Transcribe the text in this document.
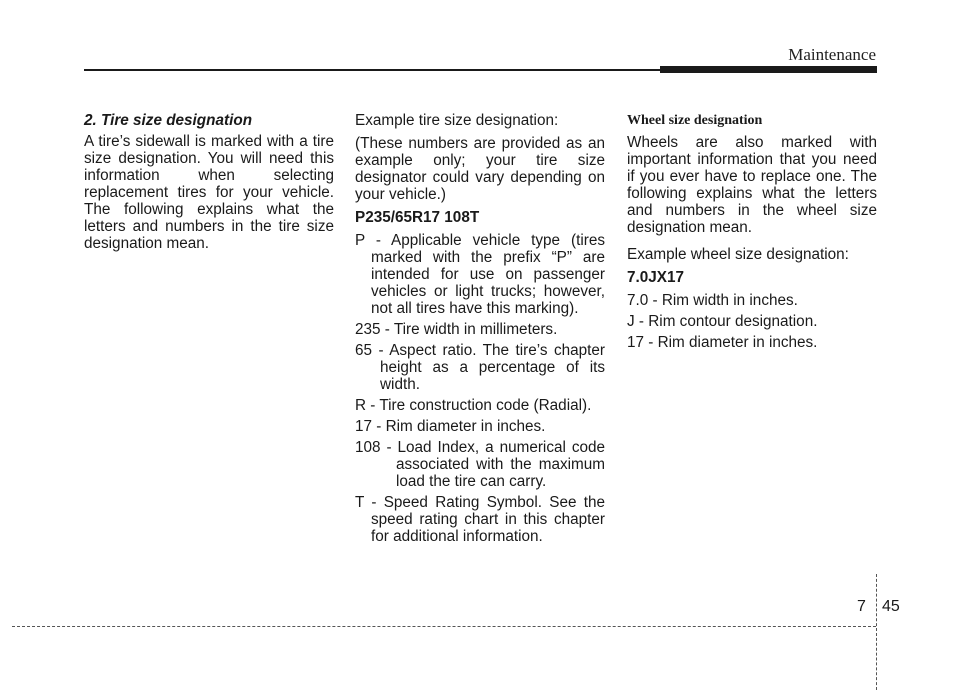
Maintenance

2. Tire size designation

A tire’s sidewall is marked with a tire size designation. You will need this information when selecting replacement tires for your vehicle. The following explains what the letters and numbers in the tire size designation mean.

Example tire size designation:

(These numbers are provided as an example only; your tire size designator could vary depending on your vehicle.)

P235/65R17 108T

P - Applicable vehicle type (tires marked with the prefix “P” are intended for use on passenger vehicles or light trucks; however, not all tires have this marking).

235 - Tire width in millimeters.

65 - Aspect ratio. The tire’s chapter height as a percentage of its width.

R - Tire construction code (Radial).

17 - Rim diameter in inches.

108 - Load Index, a numerical code associated with the maximum load the tire can carry.

T - Speed Rating Symbol. See the speed rating chart in this chapter for additional information.

Wheel size designation

Wheels are also marked with important information that you need if you ever have to replace one. The following explains what the letters and numbers in the wheel size designation mean.

Example wheel size designation:

7.0JX17

7.0 - Rim width in inches.

J - Rim contour designation.

17 - Rim diameter in inches.

7 45
